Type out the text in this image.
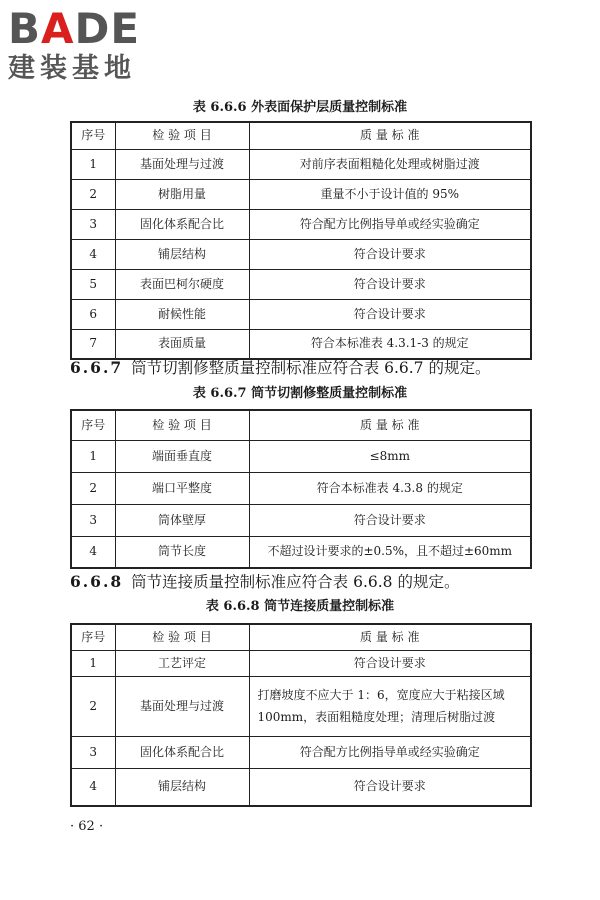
BADE
建装基地
表 6.6.6 外表面保护层质量控制标准
序号	检 验 项 目	质 量 标 准
1	基面处理与过渡	对前序表面粗糙化处理或树脂过渡
2	树脂用量	重量不小于设计值的 95%
3	固化体系配合比	符合配方比例指导单或经实验确定
4	铺层结构	符合设计要求
5	表面巴柯尔硬度	符合设计要求
6	耐候性能	符合设计要求
7	表面质量	符合本标准表 4.3.1-3 的规定
6.6.7 筒节切割修整质量控制标准应符合表 6.6.7 的规定。
表 6.6.7 筒节切割修整质量控制标准
序号	检 验 项 目	质 量 标 准
1	端面垂直度	≤8mm
2	端口平整度	符合本标准表 4.3.8 的规定
3	筒体壁厚	符合设计要求
4	筒节长度	不超过设计要求的±0.5%，且不超过±60mm
6.6.8 筒节连接质量控制标准应符合表 6.6.8 的规定。
表 6.6.8 筒节连接质量控制标准
序号	检 验 项 目	质 量 标 准
1	工艺评定	符合设计要求
2	基面处理与过渡	打磨坡度不应大于 1：6，宽度应大于粘接区域 100mm，表面粗糙度处理；清理后树脂过渡
3	固化体系配合比	符合配方比例指导单或经实验确定
4	铺层结构	符合设计要求
· 62 ·
